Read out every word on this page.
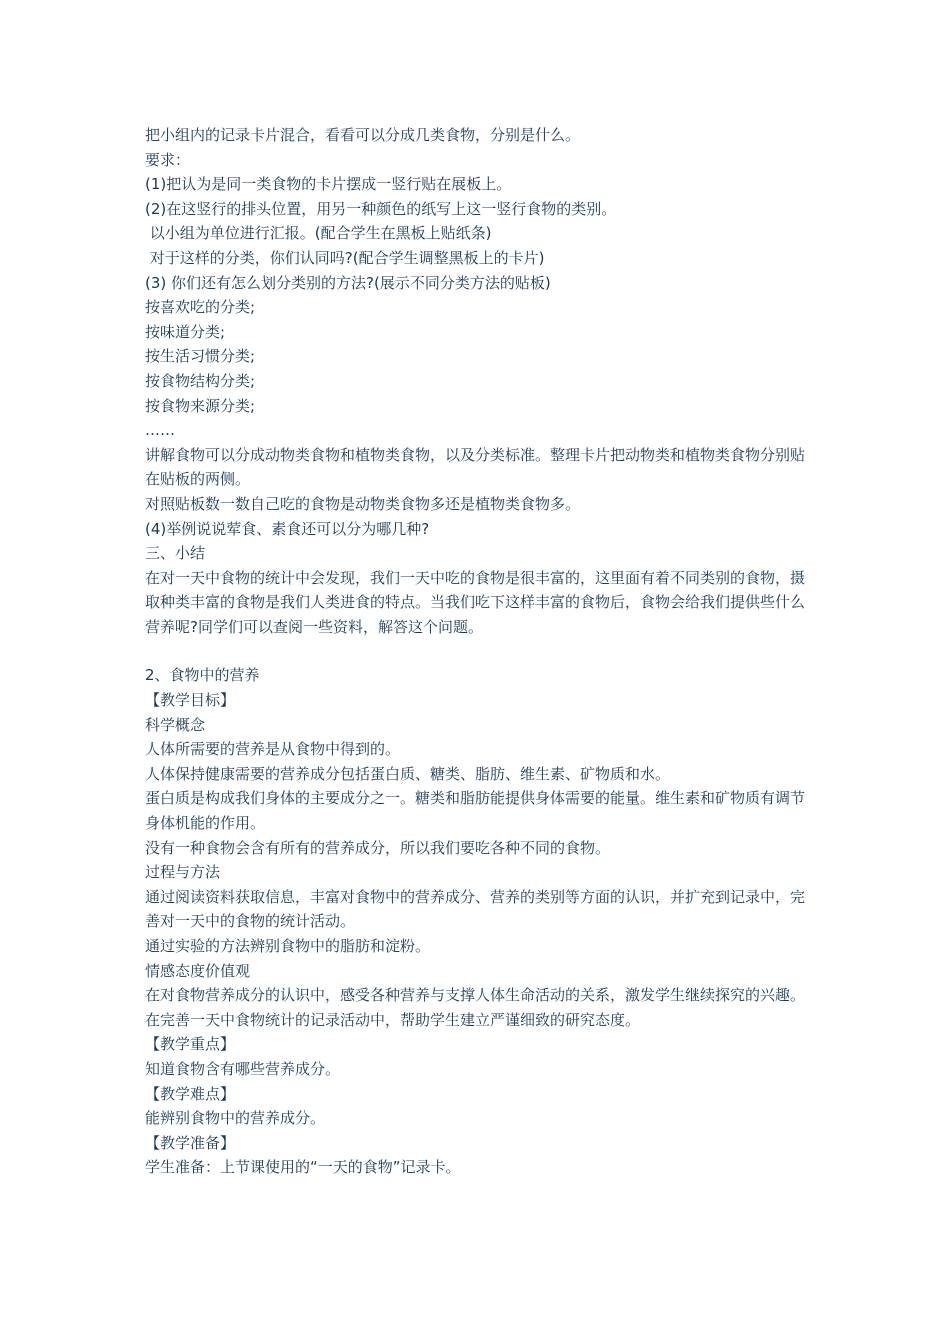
把小组内的记录卡片混合，看看可以分成几类食物，分别是什么。

要求：

(1)把认为是同一类食物的卡片摆成一竖行贴在展板上。

(2)在这竖行的排头位置，用另一种颜色的纸写上这一竖行食物的类别。

以小组为单位进行汇报。(配合学生在黑板上贴纸条)

对于这样的分类，你们认同吗?(配合学生调整黑板上的卡片)

(3) 你们还有怎么划分类别的方法?(展示不同分类方法的贴板)

按喜欢吃的分类;

按味道分类;

按生活习惯分类;

按食物结构分类;

按食物来源分类;

……

讲解食物可以分成动物类食物和植物类食物，以及分类标准。整理卡片把动物类和植物类食物分别贴在贴板的两侧。

对照贴板数一数自己吃的食物是动物类食物多还是植物类食物多。

(4)举例说说荤食、素食还可以分为哪几种?

三、小结

在对一天中食物的统计中会发现，我们一天中吃的食物是很丰富的，这里面有着不同类别的食物，摄取种类丰富的食物是我们人类进食的特点。当我们吃下这样丰富的食物后，食物会给我们提供些什么营养呢?同学们可以查阅一些资料，解答这个问题。

2、食物中的营养

【教学目标】

科学概念

人体所需要的营养是从食物中得到的。

人体保持健康需要的营养成分包括蛋白质、糖类、脂肪、维生素、矿物质和水。

蛋白质是构成我们身体的主要成分之一。糖类和脂肪能提供身体需要的能量。维生素和矿物质有调节身体机能的作用。

没有一种食物会含有所有的营养成分，所以我们要吃各种不同的食物。

过程与方法

通过阅读资料获取信息，丰富对食物中的营养成分、营养的类别等方面的认识，并扩充到记录中，完善对一天中的食物的统计活动。

通过实验的方法辨别食物中的脂肪和淀粉。

情感态度价值观

在对食物营养成分的认识中，感受各种营养与支撑人体生命活动的关系，激发学生继续探究的兴趣。

在完善一天中食物统计的记录活动中，帮助学生建立严谨细致的研究态度。

【教学重点】

知道食物含有哪些营养成分。

【教学难点】

能辨别食物中的营养成分。

【教学准备】

学生准备：上节课使用的“一天的食物”记录卡。
